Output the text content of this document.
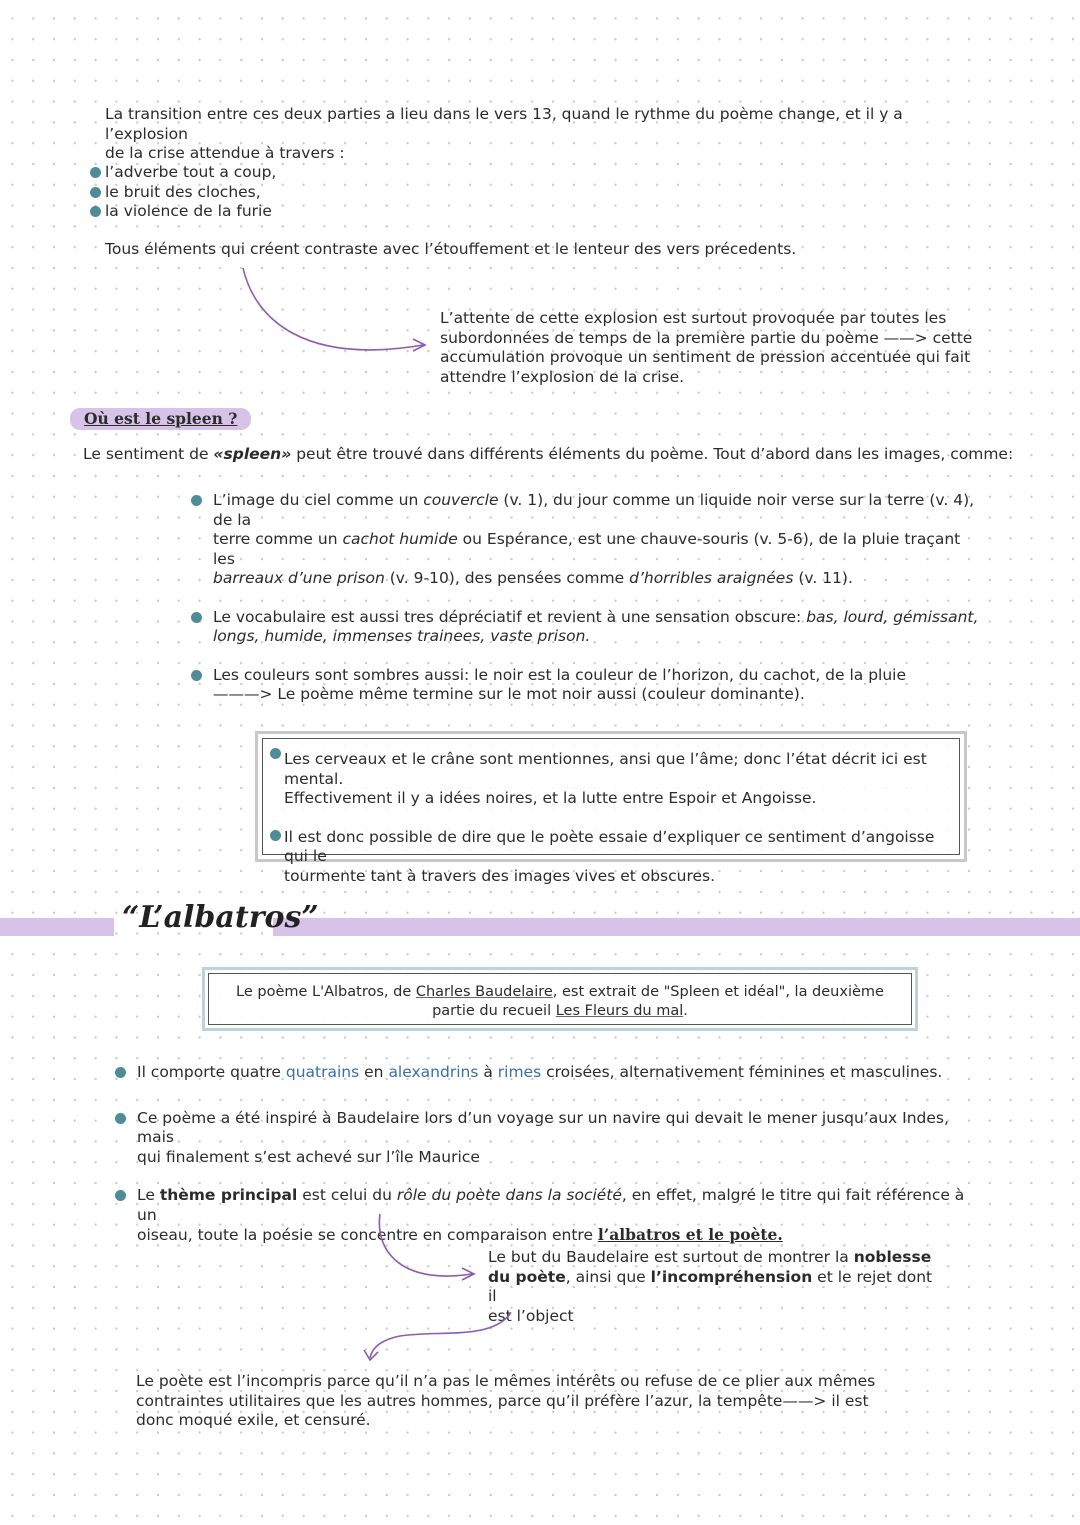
La transition entre ces deux parties a lieu dans le vers 13, quand le rythme du poème change, et il y a l’explosion
de la crise attendue à travers :
l’adverbe tout a coup,
le bruit des cloches,
la violence de la furie
Tous éléments qui créent contraste avec l’étouffement et le lenteur des vers précedents.
L’attente de cette explosion est surtout provoquée par toutes les
subordonnées de temps de la première partie du poème ——> cette
accumulation provoque un sentiment de pression accentuée qui fait
attendre l’explosion de la crise.
Où est le spleen ?
Le sentiment de «spleen» peut être trouvé dans différents éléments du poème. Tout d’abord dans les images, comme:
L’image du ciel comme un couvercle (v. 1), du jour comme un liquide noir verse sur la terre (v. 4), de la
terre comme un cachot humide ou Espérance, est une chauve-souris (v. 5-6), de la pluie traçant les
barreaux d’une prison (v. 9-10), des pensées comme d’horribles araignées (v. 11).
Le vocabulaire est aussi tres dépréciatif et revient à une sensation obscure: bas, lourd, gémissant,
longs, humide, immenses trainees, vaste prison.
Les couleurs sont sombres aussi: le noir est la couleur de l’horizon, du cachot, de la pluie
———> Le poème même termine sur le mot noir aussi (couleur dominante).
Les cerveaux et le crâne sont mentionnes, ansi que l’âme; donc l’état décrit ici est mental.
Effectivement il y a idées noires, et la lutte entre Espoir et Angoisse.
Il est donc possible de dire que le poète essaie d’expliquer ce sentiment d’angoisse qui le
tourmente tant à travers des images vives et obscures.
“L’albatros”
Le poème L'Albatros, de Charles Baudelaire, est extrait de "Spleen et idéal", la deuxième
partie du recueil Les Fleurs du mal.
Il comporte quatre quatrains en alexandrins à rimes croisées, alternativement féminines et masculines.
Ce poème a été inspiré à Baudelaire lors d’un voyage sur un navire qui devait le mener jusqu’aux Indes, mais
qui finalement s’est achevé sur l’île Maurice
Le thème principal est celui du rôle du poète dans la société, en effet, malgré le titre qui fait référence à un
oiseau, toute la poésie se concentre en comparaison entre l’albatros et le poète.
Le but du Baudelaire est surtout de montrer la noblesse
du poète, ainsi que l’incompréhension et le rejet dont il
est l’object
Le poète est l’incompris parce qu’il n’a pas le mêmes intérêts ou refuse de ce plier aux mêmes
contraintes utilitaires que les autres hommes, parce qu’il préfère l’azur, la tempête——> il est
donc moqué exile, et censuré.
